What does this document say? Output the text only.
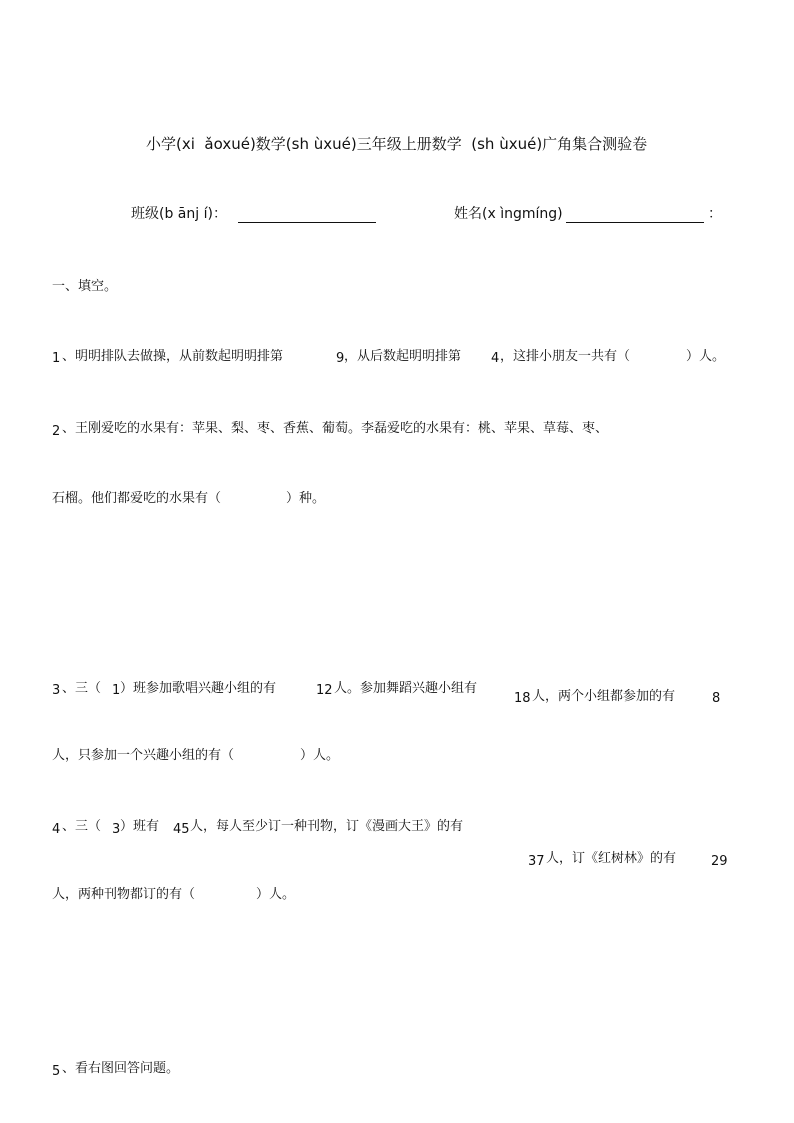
小学(xi  ǎoxué)数学(sh ùxué)三年级上册数学  (sh ùxué)广角集合测验卷
班级(b ānj í)：	姓名(x ìngmíng)	：
一、填空。
1 、明明排队去做操，从前数起明明排第	9 ，从后数起明明排第 4 ，这排小朋友一共有（	）人。
2 、王刚爱吃的水果有：苹果、梨、枣、香蕉、葡萄。李磊爱吃的水果有：桃、苹果、草莓、枣、
石榴。他们都爱吃的水果有（	）种。
3 、三（ 1 ）班参加歌唱兴趣小组的有	12 人。参加舞蹈兴趣小组有
18 人，两个小组都参加的有	8
人，只参加一个兴趣小组的有（	）人。
4 、三（ 3 ）班有 45 人，每人至少订一种刊物，订《漫画大王》的有
37 人，订《红树林》的有	29
人，两种刊物都订的有（	）人。
5 、看右图回答问题。
